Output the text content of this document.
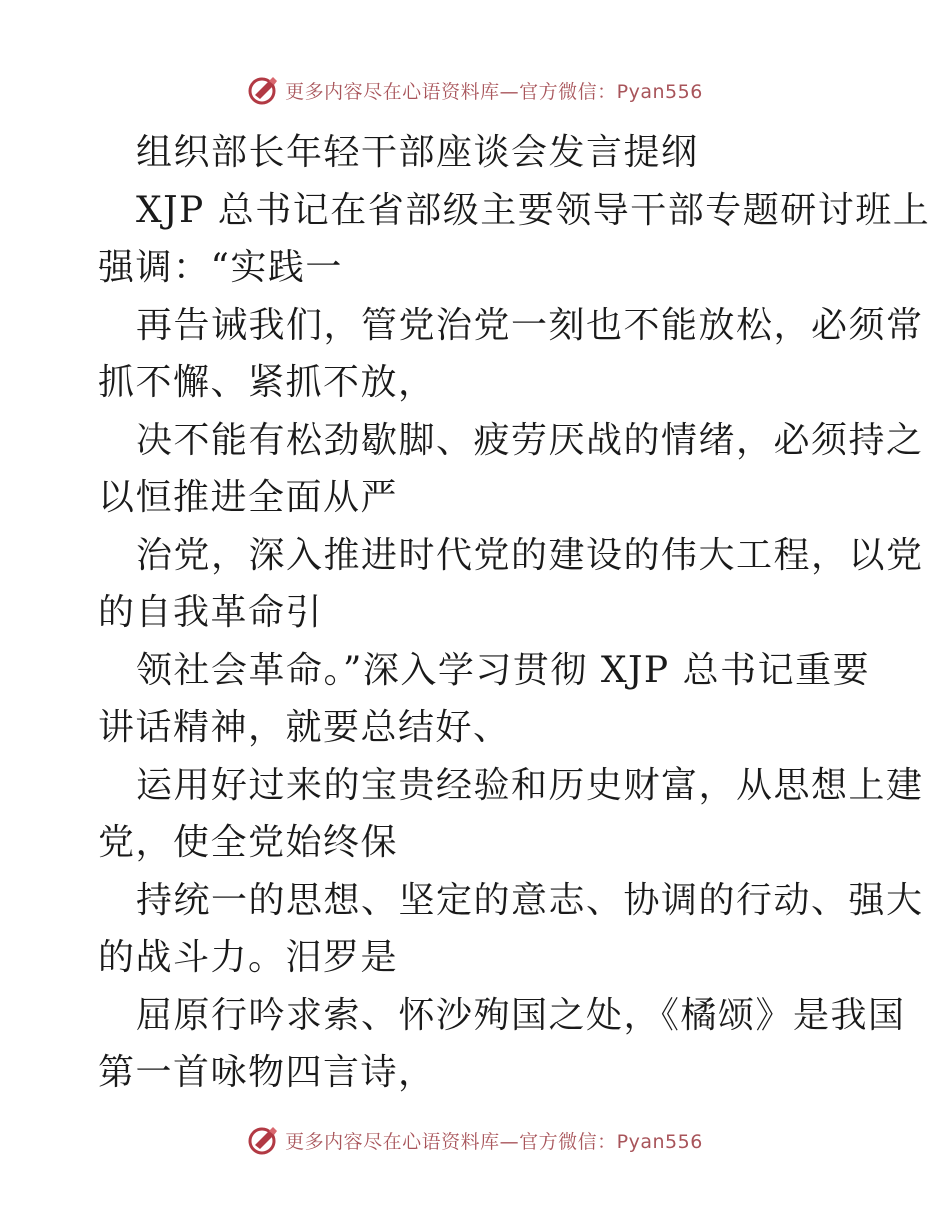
更多内容尽在心语资料库—官方微信：Pyan556
组织部长年轻干部座谈会发言提纲
XJP 总书记在省部级主要领导干部专题研讨班上
强调：“实践一
再告诫我们，管党治党一刻也不能放松，必须常
抓不懈、紧抓不放，
决不能有松劲歇脚、疲劳厌战的情绪，必须持之
以恒推进全面从严
治党，深入推进时代党的建设的伟大工程，以党
的自我革命引
领社会革命。”深入学习贯彻 XJP 总书记重要
讲话精神，就要总结好、
运用好过来的宝贵经验和历史财富，从思想上建
党，使全党始终保
持统一的思想、坚定的意志、协调的行动、强大
的战斗力。汨罗是
屈原行吟求索、怀沙殉国之处，《橘颂》是我国
第一首咏物四言诗，
更多内容尽在心语资料库—官方微信：Pyan556
